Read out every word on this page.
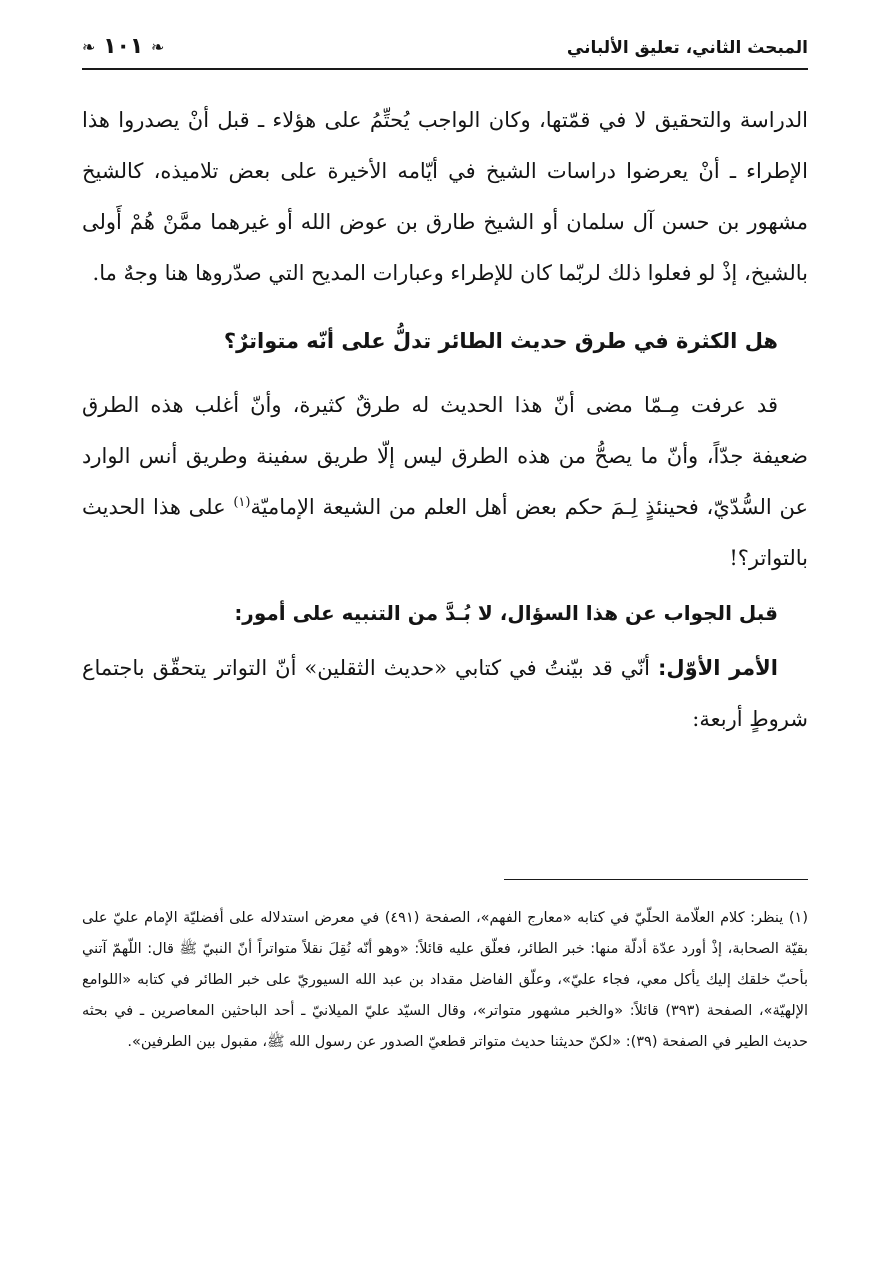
المبحث الثاني، تعليق الألباني
❧ ١٠١ ❧

الدراسة والتحقيق لا في قمّتها، وكان الواجب يُحتِّمُ على هؤلاء ـ قبل أنْ يصدروا هذا الإطراء ـ أنْ يعرضوا دراسات الشيخ في أيّامه الأخيرة على بعض تلاميذه، كالشيخ مشهور بن حسن آل سلمان أو الشيخ طارق بن عوض الله أو غيرهما ممَّنْ هُمْ أَولى بالشيخ، إذْ لو فعلوا ذلك لربّما كان للإطراء وعبارات المديح التي صدّروها هنا وجهٌ ما.

هل الكثرة في طرق حديث الطائر تدلُّ على أنّه متواترٌ؟

قد عرفت مِـمّا مضى أنّ هذا الحديث له طرقٌ كثيرة، وأنّ أغلب هذه الطرق ضعيفة جدّاً، وأنّ ما يصحُّ من هذه الطرق ليس إلّا طريق سفينة وطريق أنس الوارد عن السُّدّيّ، فحينئذٍ لِـمَ حكم بعض أهل العلم من الشيعة الإماميّة$^{(١)}$ على هذا الحديث بالتواتر؟!

قبل الجواب عن هذا السؤال، لا بُـدَّ من التنبيه على أمور:

الأمر الأوّل: أنّي قد بيّنتُ في كتابي «حديث الثقلين» أنّ التواتر يتحقّق باجتماع شروطٍ أربعة:

(١) ينظر: كلام العلّامة الحلّيّ في كتابه «معارج الفهم»، الصفحة (٤٩١) في معرض استدلاله على أفضليّة الإمام عليّ على بقيّة الصحابة، إذْ أورد عدّة أدلّة منها: خبر الطائر، فعلّق عليه قائلاً: «وهو أنّه نُقِلَ نقلاً متواتراً أنّ النبيّ ﷺ قال: اللّهمّ آتني بأحبّ خلقك إليك يأكل معي، فجاء عليّ»، وعلّق الفاضل مقداد بن عبد الله السيوريّ على خبر الطائر في كتابه «اللوامع الإلهيّة»، الصفحة (٣٩٣) قائلاً: «والخبر مشهور متواتر»، وقال السيّد عليّ الميلانيّ ـ أحد الباحثين المعاصرين ـ في بحثه حديث الطير في الصفحة (٣٩): «لكنّ حديثنا حديث متواتر قطعيّ الصدور عن رسول الله ﷺ، مقبول بين الطرفين».
